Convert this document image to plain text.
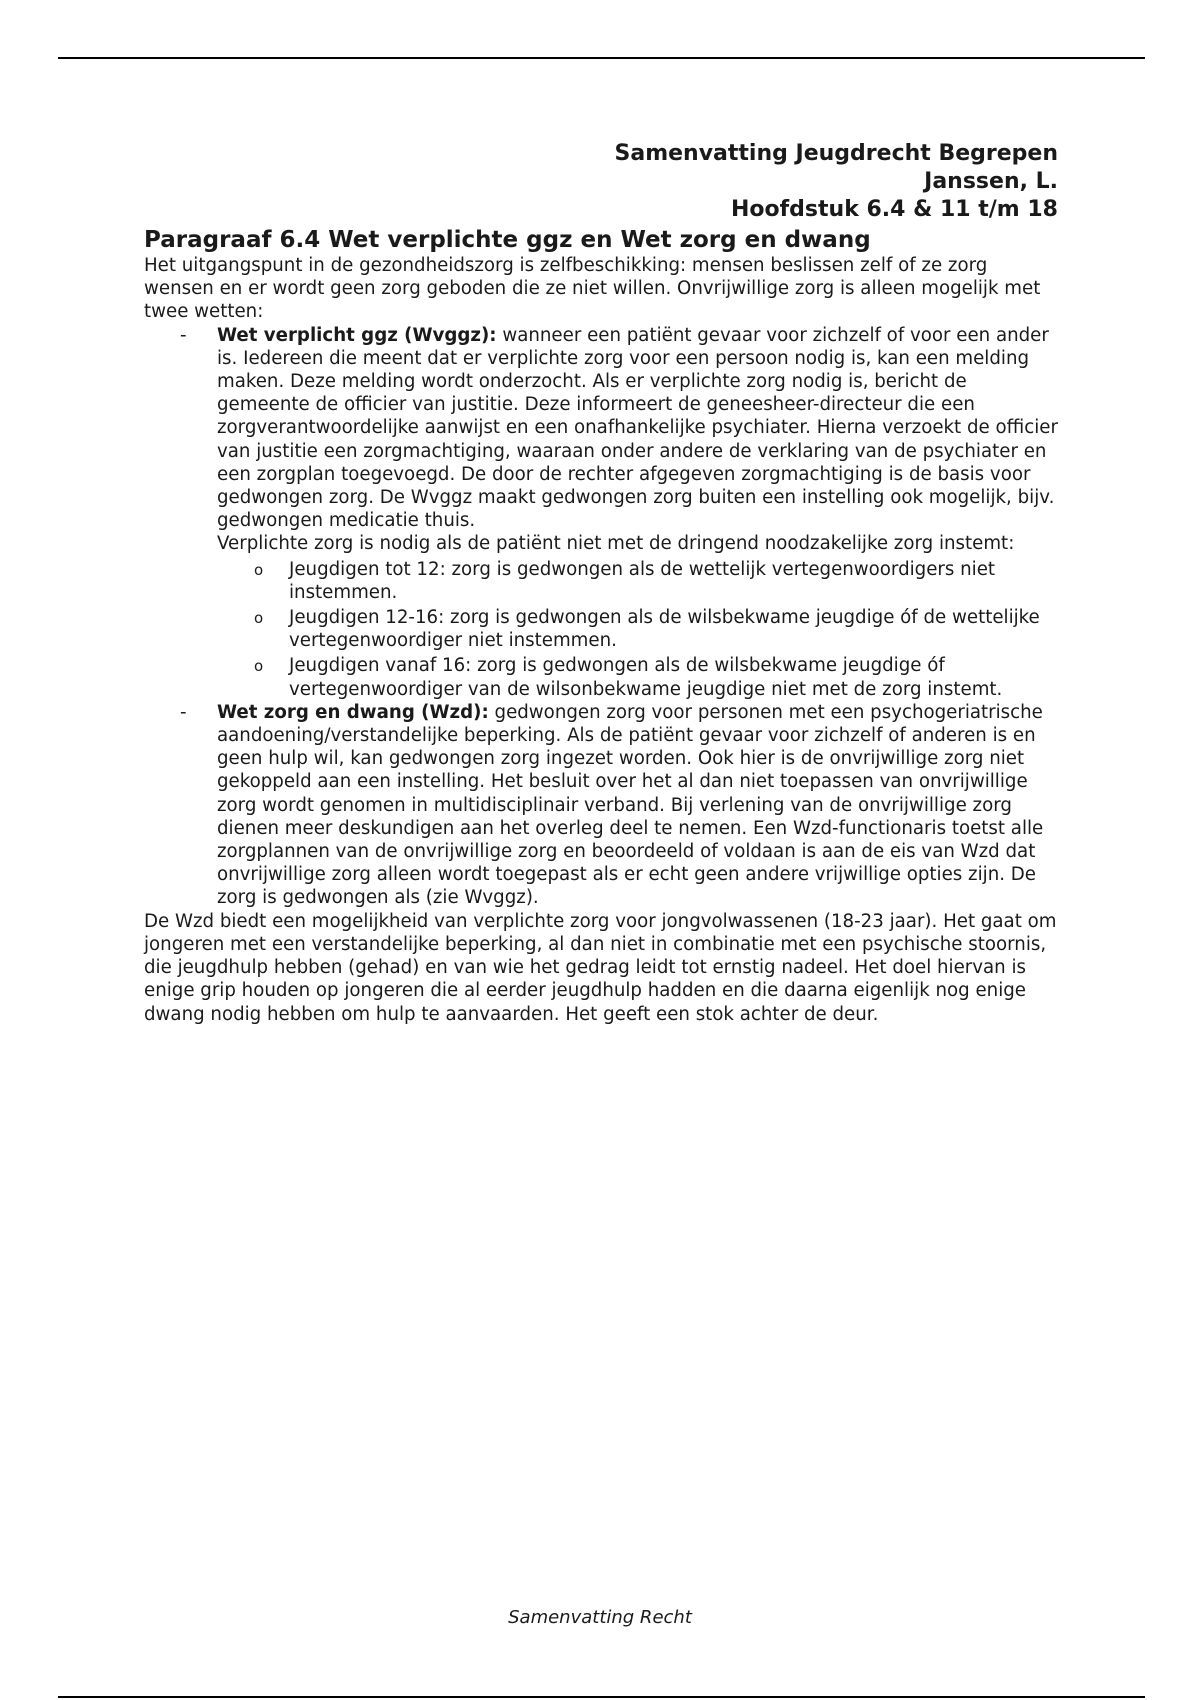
Samenvatting Jeugdrecht Begrepen

Janssen, L.

Hoofdstuk 6.4 & 11 t/m 18

Paragraaf 6.4 Wet verplichte ggz en Wet zorg en dwang

Het uitgangspunt in de gezondheidszorg is zelfbeschikking: mensen beslissen zelf of ze zorg wensen en er wordt geen zorg geboden die ze niet willen. Onvrijwillige zorg is alleen mogelijk met twee wetten:

- Wet verplicht ggz (Wvggz): wanneer een patiënt gevaar voor zichzelf of voor een ander is. Iedereen die meent dat er verplichte zorg voor een persoon nodig is, kan een melding maken. Deze melding wordt onderzocht. Als er verplichte zorg nodig is, bericht de gemeente de officier van justitie. Deze informeert de geneesheer-directeur die een zorgverantwoordelijke aanwijst en een onafhankelijke psychiater. Hierna verzoekt de officier van justitie een zorgmachtiging, waaraan onder andere de verklaring van de psychiater en een zorgplan toegevoegd. De door de rechter afgegeven zorgmachtiging is de basis voor gedwongen zorg. De Wvggz maakt gedwongen zorg buiten een instelling ook mogelijk, bijv. gedwongen medicatie thuis.
Verplichte zorg is nodig als de patiënt niet met de dringend noodzakelijke zorg instemt:
o Jeugdigen tot 12: zorg is gedwongen als de wettelijk vertegenwoordigers niet instemmen.
o Jeugdigen 12-16: zorg is gedwongen als de wilsbekwame jeugdige óf de wettelijke vertegenwoordiger niet instemmen.
o Jeugdigen vanaf 16: zorg is gedwongen als de wilsbekwame jeugdige óf vertegenwoordiger van de wilsonbekwame jeugdige niet met de zorg instemt.
- Wet zorg en dwang (Wzd): gedwongen zorg voor personen met een psychogeriatrische aandoening/verstandelijke beperking. Als de patiënt gevaar voor zichzelf of anderen is en geen hulp wil, kan gedwongen zorg ingezet worden. Ook hier is de onvrijwillige zorg niet gekoppeld aan een instelling. Het besluit over het al dan niet toepassen van onvrijwillige zorg wordt genomen in multidisciplinair verband. Bij verlening van de onvrijwillige zorg dienen meer deskundigen aan het overleg deel te nemen. Een Wzd-functionaris toetst alle zorgplannen van de onvrijwillige zorg en beoordeeld of voldaan is aan de eis van Wzd dat onvrijwillige zorg alleen wordt toegepast als er echt geen andere vrijwillige opties zijn. De zorg is gedwongen als (zie Wvggz).

De Wzd biedt een mogelijkheid van verplichte zorg voor jongvolwassenen (18-23 jaar). Het gaat om jongeren met een verstandelijke beperking, al dan niet in combinatie met een psychische stoornis, die jeugdhulp hebben (gehad) en van wie het gedrag leidt tot ernstig nadeel. Het doel hiervan is enige grip houden op jongeren die al eerder jeugdhulp hadden en die daarna eigenlijk nog enige dwang nodig hebben om hulp te aanvaarden. Het geeft een stok achter de deur.

Samenvatting Recht
